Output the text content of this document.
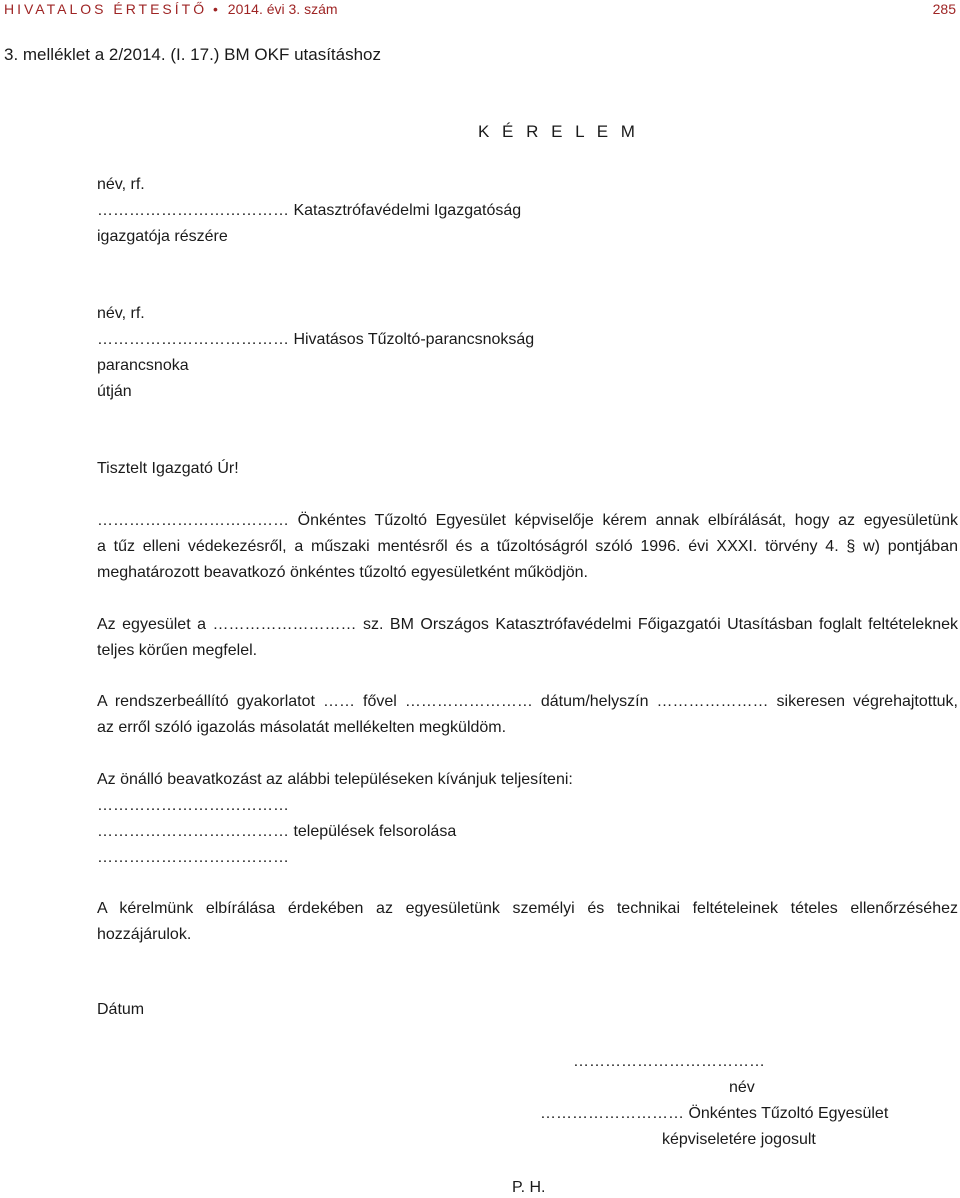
HIVATALOS ÉRTESÍTŐ • 2014. évi 3. szám	285
3. melléklet a 2/2014. (I. 17.) BM OKF utasításhoz
K É R E L E M
név, rf.
……………………………… Katasztrófavédelmi Igazgatóság
igazgatója részére
név, rf.
……………………………… Hivatásos Tűzoltó-parancsnokság
parancsnoka
útján
Tisztelt Igazgató Úr!
……………………………… Önkéntes Tűzoltó Egyesület képviselője kérem annak elbírálását, hogy az egyesületünk
a tűz elleni védekezésről, a műszaki mentésről és a tűzoltóságról szóló 1996. évi XXXI. törvény 4. § w) pontjában
meghatározott beavatkozó önkéntes tűzoltó egyesületként működjön.
Az egyesület a ……………………… sz. BM Országos Katasztrófavédelmi Főigazgatói Utasításban foglalt feltételeknek
teljes körűen megfelel.
A rendszerbeállító gyakorlatot …… fővel …………………… dátum/helyszín ………………… sikeresen végrehajtottuk,
az erről szóló igazolás másolatát mellékelten megküldöm.
Az önálló beavatkozást az alábbi településeken kívánjuk teljesíteni:
………………………………
……………………………… települések felsorolása
………………………………
A kérelmünk elbírálása érdekében az egyesületünk személyi és technikai feltételeinek tételes ellenőrzéséhez
hozzájárulok.
Dátum
………………………………
név
……………………… Önkéntes Tűzoltó Egyesület
képviseletére jogosult
P. H.
